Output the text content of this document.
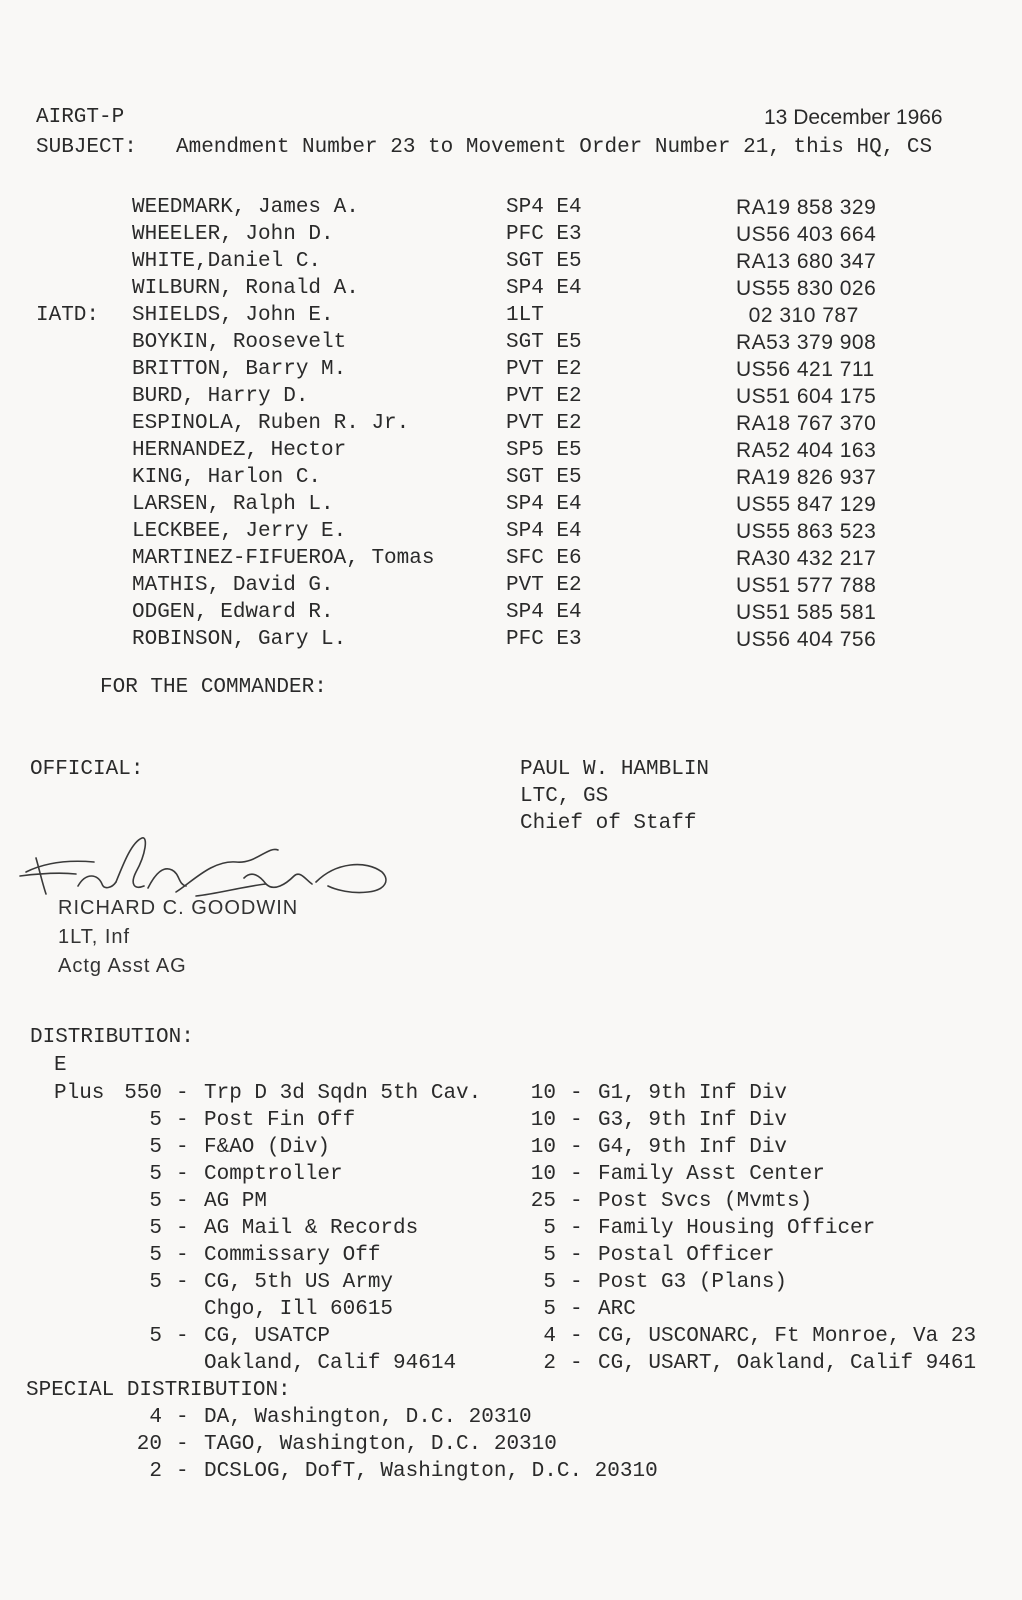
AIRGT-P	13 December 1966
SUBJECT: Amendment Number 23 to Movement Order Number 21, this HQ, CS
WEEDMARK, James A.	SP4 E4	RA19 858 329
WHEELER, John D.	PFC E3	US56 403 664
WHITE,Daniel C.	SGT E5	RA13 680 347
WILBURN, Ronald A.	SP4 E4	US55 830 026
IATD: SHIELDS, John E.	1LT	02 310 787
BOYKIN, Roosevelt	SGT E5	RA53 379 908
BRITTON, Barry M.	PVT E2	US56 421 711
BURD, Harry D.	PVT E2	US51 604 175
ESPINOLA, Ruben R. Jr.	PVT E2	RA18 767 370
HERNANDEZ, Hector	SP5 E5	RA52 404 163
KING, Harlon C.	SGT E5	RA19 826 937
LARSEN, Ralph L.	SP4 E4	US55 847 129
LECKBEE, Jerry E.	SP4 E4	US55 863 523
MARTINEZ-FIFUEROA, Tomas	SFC E6	RA30 432 217
MATHIS, David G.	PVT E2	US51 577 788
ODGEN, Edward R.	SP4 E4	US51 585 581
ROBINSON, Gary L.	PFC E3	US56 404 756
FOR THE COMMANDER:
OFFICIAL:	PAUL W. HAMBLIN
LTC, GS
Chief of Staff
RICHARD C. GOODWIN
1LT, Inf
Actg Asst AG
DISTRIBUTION:
E
Plus 550 - Trp D 3d Sqdn 5th Cav.
5 - Post Fin Off
5 - F&AO (Div)
5 - Comptroller
5 - AG PM
5 - AG Mail & Records
5 - Commissary Off
5 - CG, 5th US Army
Chgo, Ill 60615
5 - CG, USATCP
Oakland, Calif 94614
10 - G1, 9th Inf Div
10 - G3, 9th Inf Div
10 - G4, 9th Inf Div
10 - Family Asst Center
25 - Post Svcs (Mvmts)
5 - Family Housing Officer
5 - Postal Officer
5 - Post G3 (Plans)
5 - ARC
4 - CG, USCONARC, Ft Monroe, Va 23
2 - CG, USART, Oakland, Calif 9461
SPECIAL DISTRIBUTION:
4 - DA, Washington, D.C. 20310
20 - TAGO, Washington, D.C. 20310
2 - DCSLOG, DofT, Washington, D.C. 20310
